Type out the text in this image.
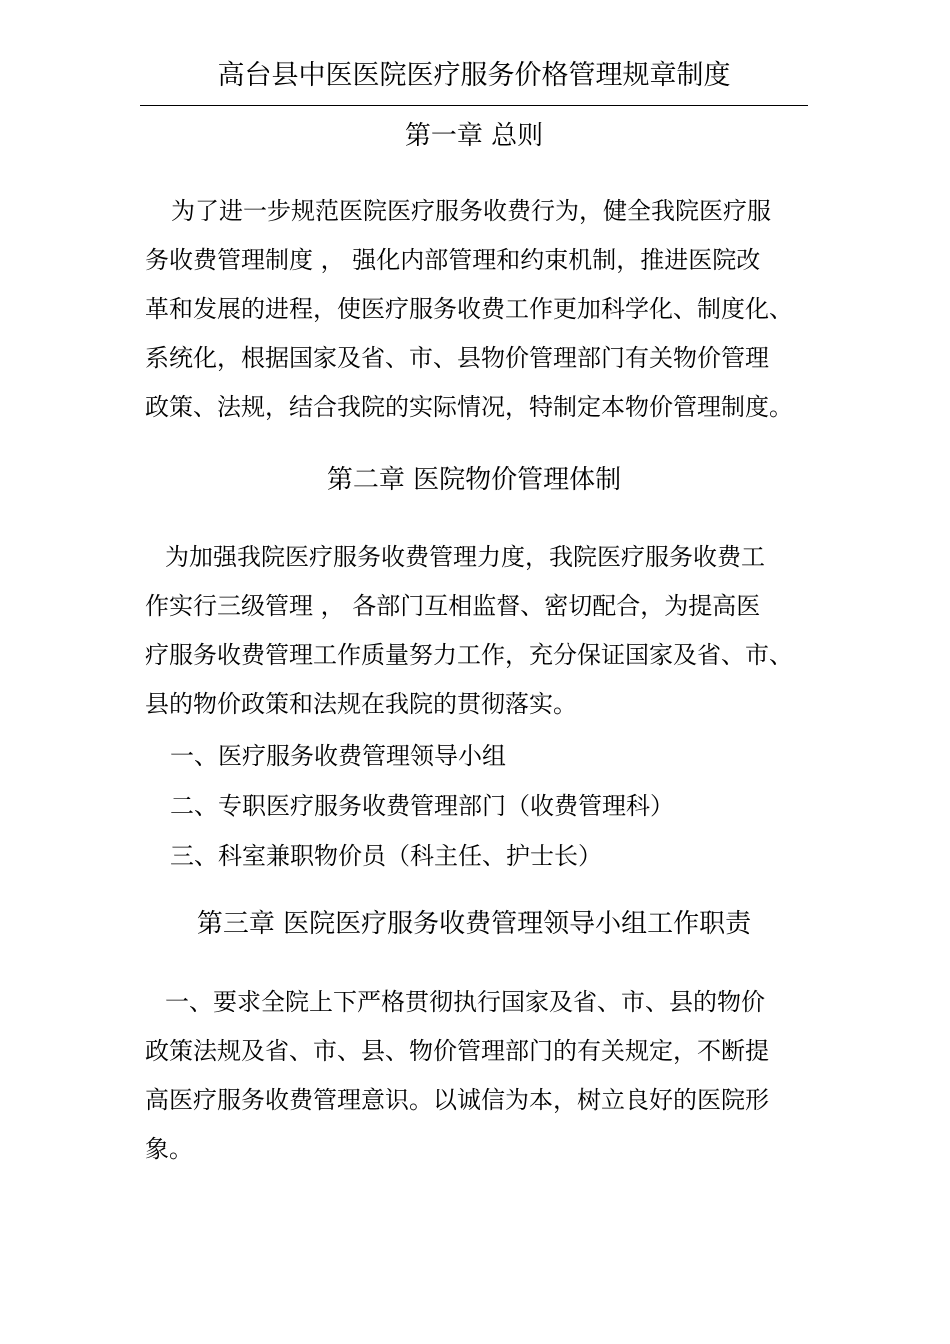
高台县中医医院医疗服务价格管理规章制度
第一章 总则
为了进一步规范医院医疗服务收费行为，健全我院医疗服
务收费管理制度 ， 强化内部管理和约束机制，推进医院改
革和发展的进程，使医疗服务收费工作更加科学化、制度化、
系统化，根据国家及省、市、县物价管理部门有关物价管理
政策、法规，结合我院的实际情况，特制定本物价管理制度。
第二章 医院物价管理体制
为加强我院医疗服务收费管理力度，我院医疗服务收费工
作实行三级管理 ， 各部门互相监督、密切配合，为提高医
疗服务收费管理工作质量努力工作，充分保证国家及省、市、
县的物价政策和法规在我院的贯彻落实。
一、医疗服务收费管理领导小组
二、专职医疗服务收费管理部门（收费管理科）
三、科室兼职物价员（科主任、护士长）
第三章 医院医疗服务收费管理领导小组工作职责
一、要求全院上下严格贯彻执行国家及省、市、县的物价
政策法规及省、市、县、物价管理部门的有关规定，不断提
高医疗服务收费管理意识。以诚信为本，树立良好的医院形
象。
